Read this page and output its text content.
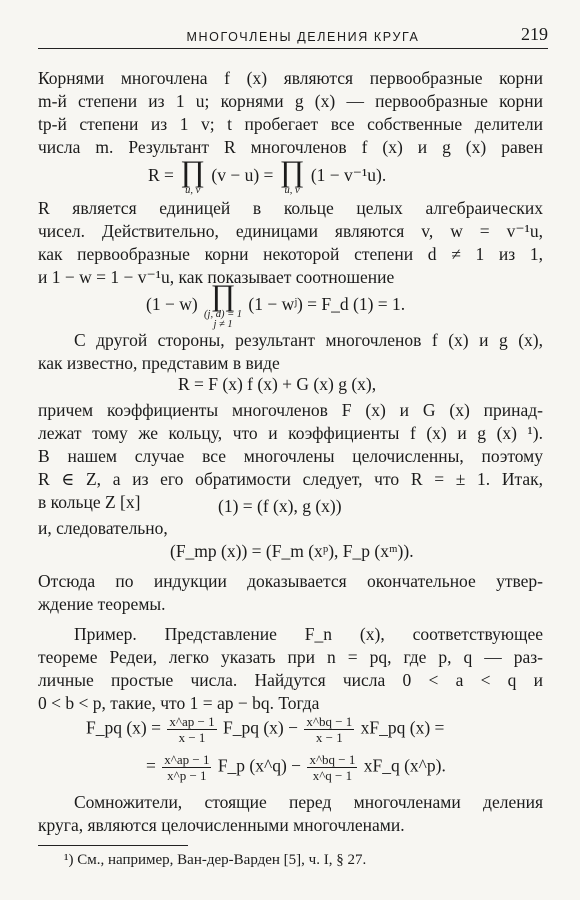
МНОГОЧЛЕНЫ ДЕЛЕНИЯ КРУГА	219
Корнями многочлена f (x) являются первообразные корни
m-й степени из 1 u; корнями g (x) — первообразные корни
tp-й степени из 1 v; t пробегает все собственные делители
числа m. Результант R многочленов f (x) и g (x) равен
R = ∏
u, v
(v − u) = ∏
u, v
(1 − v⁻¹u).
R является единицей в кольце целых алгебраических
чисел. Действительно, единицами являются v, w = v⁻¹u,
как первообразные корни некоторой степени d ≠ 1 из 1,
и 1 − w = 1 − v⁻¹u, как показывает соотношение
(1 − w) ∏
(j, d) = 1
j ≠ 1
(1 − wʲ) = F_d (1) = 1.
С другой стороны, результант многочленов f (x) и g (x),
как известно, представим в виде
R = F (x) f (x) + G (x) g (x),
причем коэффициенты многочленов F (x) и G (x) принад-
лежат тому же кольцу, что и коэффициенты f (x) и g (x) ¹).
В нашем случае все многочлены целочисленны, поэтому
R ∈ Z, а из его обратимости следует, что R = ± 1. Итак,
в кольце Z [x]	(1) = (f (x), g (x))
и, следовательно,
(F_mp (x)) = (F_m (xᵖ), F_p (xᵐ)).
Отсюда по индукции доказывается окончательное утвер-
ждение теоремы.
Пример. Представление F_n (x), соответствующее
теореме Редеи, легко указать при n = pq, где p, q — раз-
личные простые числа. Найдутся числа 0 < a < q и
0 < b < p, такие, что 1 = ap − bq. Тогда
F_pq $(x) = \frac{x\^{}ap - 1}{x - 1}$ F_pq $(x) - \frac{x\^{}bq - 1}{x - 1}$ xF_pq (x) =
= $\frac{x\^{}ap - 1}{x\^{}p - 1}$ F_p (x^q) − $\frac{x\^{}bq - 1}{x\^{}q - 1}$ xF_q (x^p).
Сомножители, стоящие перед многочленами деления
круга, являются целочисленными многочленами.
¹) См., например, Ван-дер-Варден [5], ч. I, § 27.
